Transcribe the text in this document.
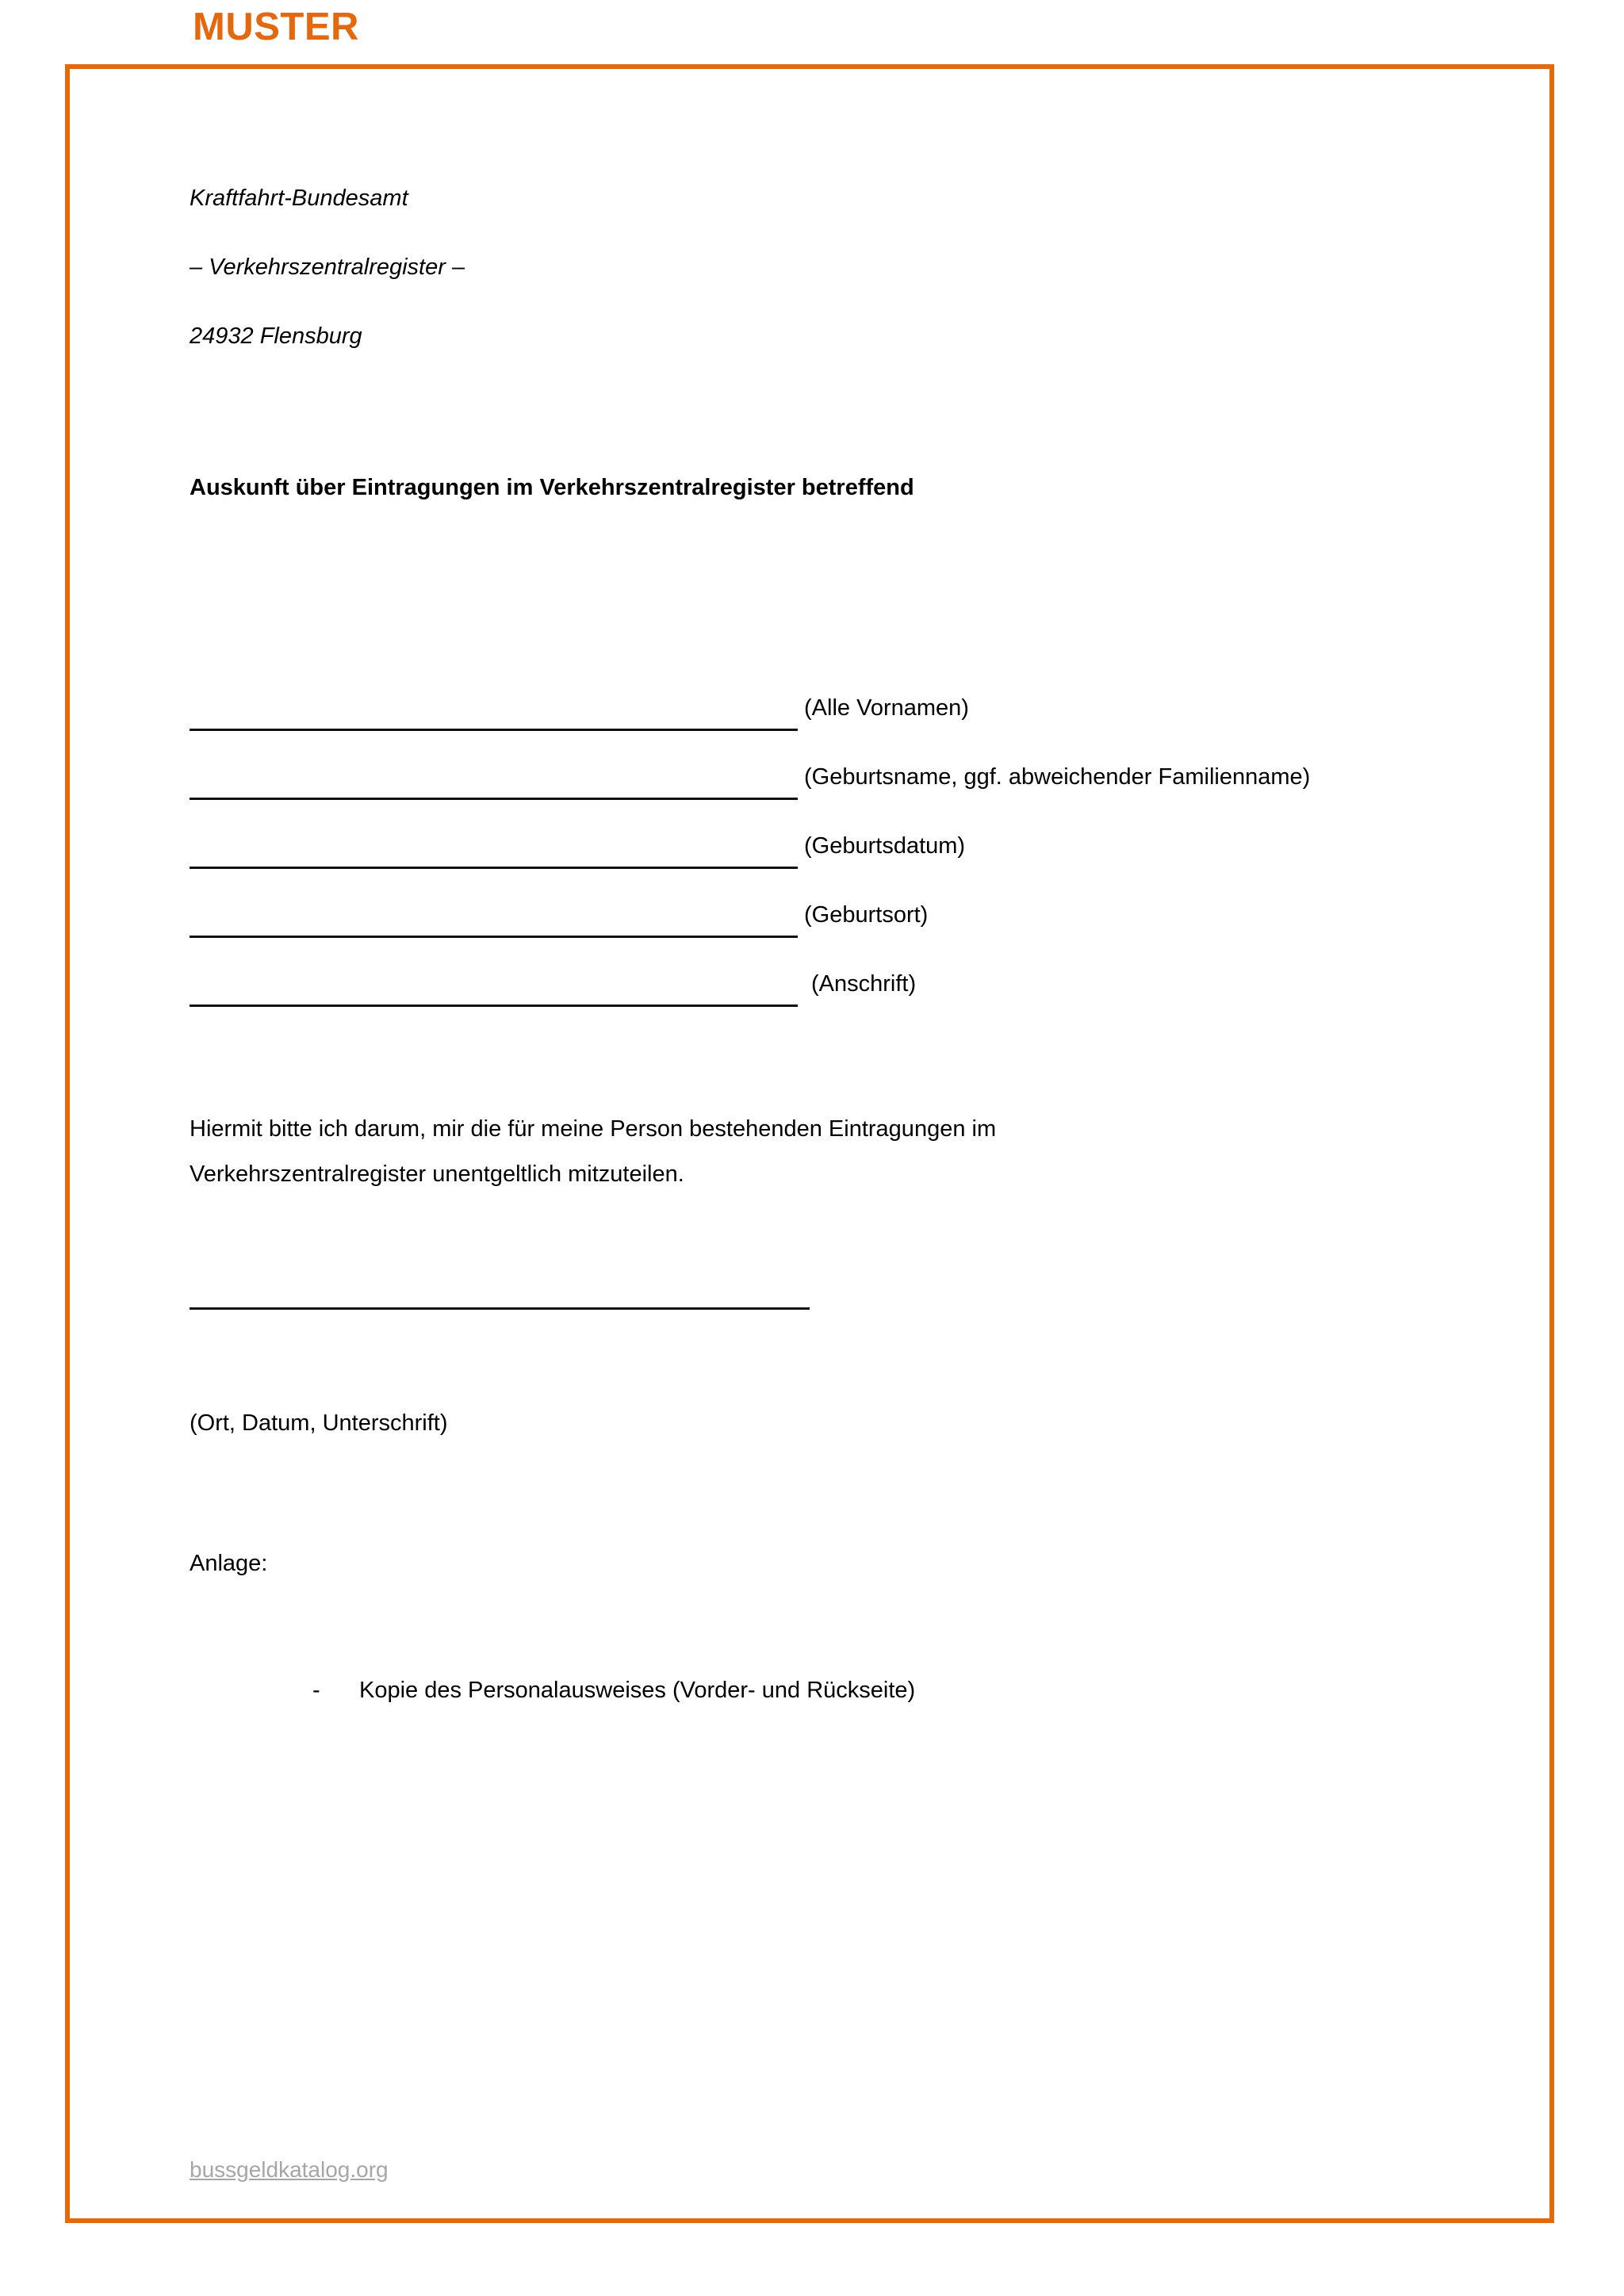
MUSTER
Kraftfahrt-Bundesamt
– Verkehrszentralregister –
24932 Flensburg
Auskunft über Eintragungen im Verkehrszentralregister betreffend
(Alle Vornamen)
(Geburtsname, ggf. abweichender Familienname)
(Geburtsdatum)
(Geburtsort)
(Anschrift)
Hiermit bitte ich darum, mir die für meine Person bestehenden Eintragungen im Verkehrszentralregister unentgeltlich mitzuteilen.
(Ort, Datum, Unterschrift)
Anlage:
- Kopie des Personalausweises (Vorder- und Rückseite)
bussgeldkatalog.org
